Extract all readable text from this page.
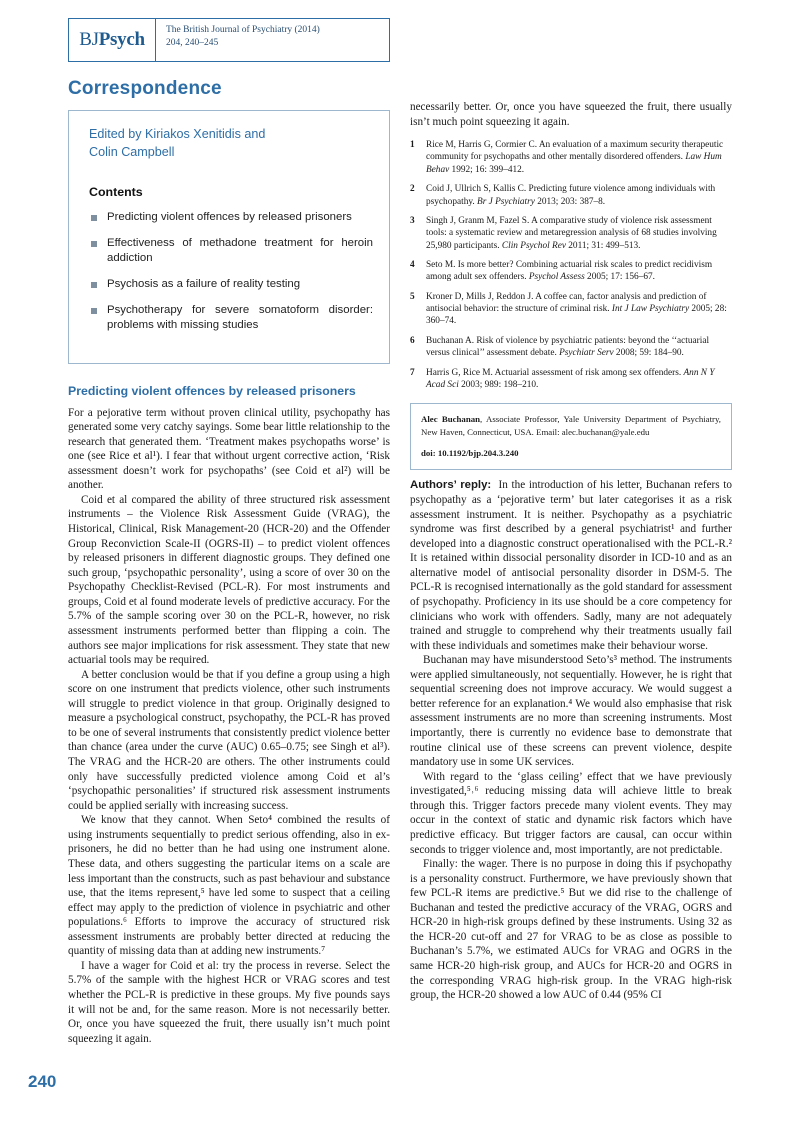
BJ Psych The British Journal of Psychiatry (2014)
204, 240–245
Correspondence
Edited by Kiriakos Xenitidis and
Colin Campbell
Contents
Predicting violent offences by released prisoners
Effectiveness of methadone treatment for heroin addiction
Psychosis as a failure of reality testing
Psychotherapy for severe somatoform disorder: problems with missing studies
Predicting violent offences by released prisoners

For a pejorative term without proven clinical utility, psychopathy has generated some very catchy sayings. Some bear little relationship to the research that generated them. ‘Treatment makes psychopaths worse’ is one (see Rice et al¹). I fear that without urgent corrective action, ‘Risk assessment doesn’t work for psychopaths’ (see Coid et al²) will be another.

Coid et al compared the ability of three structured risk assessment instruments – the Violence Risk Assessment Guide (VRAG), the Historical, Clinical, Risk Management-20 (HCR-20) and the Offender Group Reconviction Scale-II (OGRS-II) – to predict violent offences by released prisoners in different diagnostic groups. They defined one such group, ‘psychopathic personality’, using a score of over 30 on the Psychopathy Checklist-Revised (PCL-R). For most instruments and groups, Coid et al found moderate levels of predictive accuracy. For the 5.7% of the sample scoring over 30 on the PCL-R, however, no risk assessment instruments performed better than flipping a coin. The authors see major implications for risk assessment. They state that new actuarial tools may be required.

A better conclusion would be that if you define a group using a high score on one instrument that predicts violence, other such instruments will struggle to predict violence in that group. Originally designed to measure a psychological construct, psychopathy, the PCL-R has proved to be one of several instruments that consistently predict violence better than chance (area under the curve (AUC) 0.65–0.75; see Singh et al³). The VRAG and the HCR-20 are others. The other instruments could only have successfully predicted violence among Coid et al’s ‘psychopathic personalities’ if structured risk assessment instruments could be applied serially with increasing success.

We know that they cannot. When Seto⁴ combined the results of using instruments sequentially to predict serious offending, also in ex-prisoners, he did no better than he had using one instrument alone. These data, and others suggesting the particular items on a scale are less important than the constructs, such as past behaviour and substance use, that the items represent,⁵ have led some to suspect that a ceiling effect may apply to the prediction of violence in psychiatric and other populations.⁶ Efforts to improve the accuracy of structured risk assessment instruments are probably better directed at reducing the quantity of missing data than at adding new instruments.⁷

I have a wager for Coid et al: try the process in reverse. Select the 5.7% of the sample with the highest HCR or VRAG scores and test whether the PCL-R is predictive in these groups. My five pounds says it will not be and, for the same reason. More is not necessarily better. Or, once you have squeezed the fruit, there usually isn’t much point squeezing it again.

necessarily better. Or, once you have squeezed the fruit, there usually isn’t much point squeezing it again.

1 Rice M, Harris G, Cormier C. An evaluation of a maximum security therapeutic community for psychopaths and other mentally disordered offenders. Law Hum Behav 1992; 16: 399–412.
2 Coid J, Ullrich S, Kallis C. Predicting future violence among individuals with psychopathy. Br J Psychiatry 2013; 203: 387–8.
3 Singh J, Granm M, Fazel S. A comparative study of violence risk assessment tools: a systematic review and metaregression analysis of 68 studies involving 25,980 participants. Clin Psychol Rev 2011; 31: 499–513.
4 Seto M. Is more better? Combining actuarial risk scales to predict recidivism among adult sex offenders. Psychol Assess 2005; 17: 156–67.
5 Kroner D, Mills J, Reddon J. A coffee can, factor analysis and prediction of antisocial behavior: the structure of criminal risk. Int J Law Psychiatry 2005; 28: 360–74.
6 Buchanan A. Risk of violence by psychiatric patients: beyond the ‘‘actuarial versus clinical’’ assessment debate. Psychiatr Serv 2008; 59: 184–90.
7 Harris G, Rice M. Actuarial assessment of risk among sex offenders. Ann N Y Acad Sci 2003; 989: 198–210.
Alec Buchanan, Associate Professor, Yale University Department of Psychiatry, New Haven, Connecticut, USA. Email: alec.buchanan@yale.edu
doi: 10.1192/bjp.204.3.240

Authors’ reply: In the introduction of his letter, Buchanan refers to psychopathy as a ‘pejorative term’ but later categorises it as a risk assessment instrument. It is neither. Psychopathy as a psychiatric syndrome was first described by a general psychiatrist¹ and further developed into a diagnostic construct operationalised with the PCL-R.² It is retained within dissocial personality disorder in ICD-10 and as an alternative model of antisocial personality disorder in DSM-5. The PCL-R is recognised internationally as the gold standard for assessment of psychopathy. Proficiency in its use should be a core competency for clinicians who work with offenders. Sadly, many are not adequately trained and struggle to comprehend why their treatments usually fail with these individuals and sometimes make their behaviour worse.

Buchanan may have misunderstood Seto’s³ method. The instruments were applied simultaneously, not sequentially. However, he is right that sequential screening does not improve accuracy. We would suggest a better reference for an explanation.⁴ We would also emphasise that risk assessment instruments are no more than screening instruments. Most importantly, there is currently no evidence base to demonstrate that routine clinical use of these screens can prevent violence, despite mandatory use in some UK services.

With regard to the ‘glass ceiling’ effect that we have previously investigated,⁵˒⁶ reducing missing data will achieve little to break through this. Trigger factors precede many violent events. They may occur in the context of static and dynamic risk factors which have predictive efficacy. But trigger factors are causal, can occur within seconds to trigger violence and, most importantly, are not predictable.

Finally: the wager. There is no purpose in doing this if psychopathy is a personality construct. Furthermore, we have previously shown that few PCL-R items are predictive.⁵ But we did rise to the challenge of Buchanan and tested the predictive accuracy of the VRAG, OGRS and HCR-20 in high-risk groups defined by these instruments. Using 32 as the HCR-20 cut-off and 27 for VRAG to be as close as possible to Buchanan’s 5.7%, we estimated AUCs for VRAG and OGRS in the same HCR-20 high-risk group, and AUCs for HCR-20 and OGRS in the corresponding VRAG high-risk group. In the VRAG high-risk group, the HCR-20 showed a low AUC of 0.44 (95% CI

240
